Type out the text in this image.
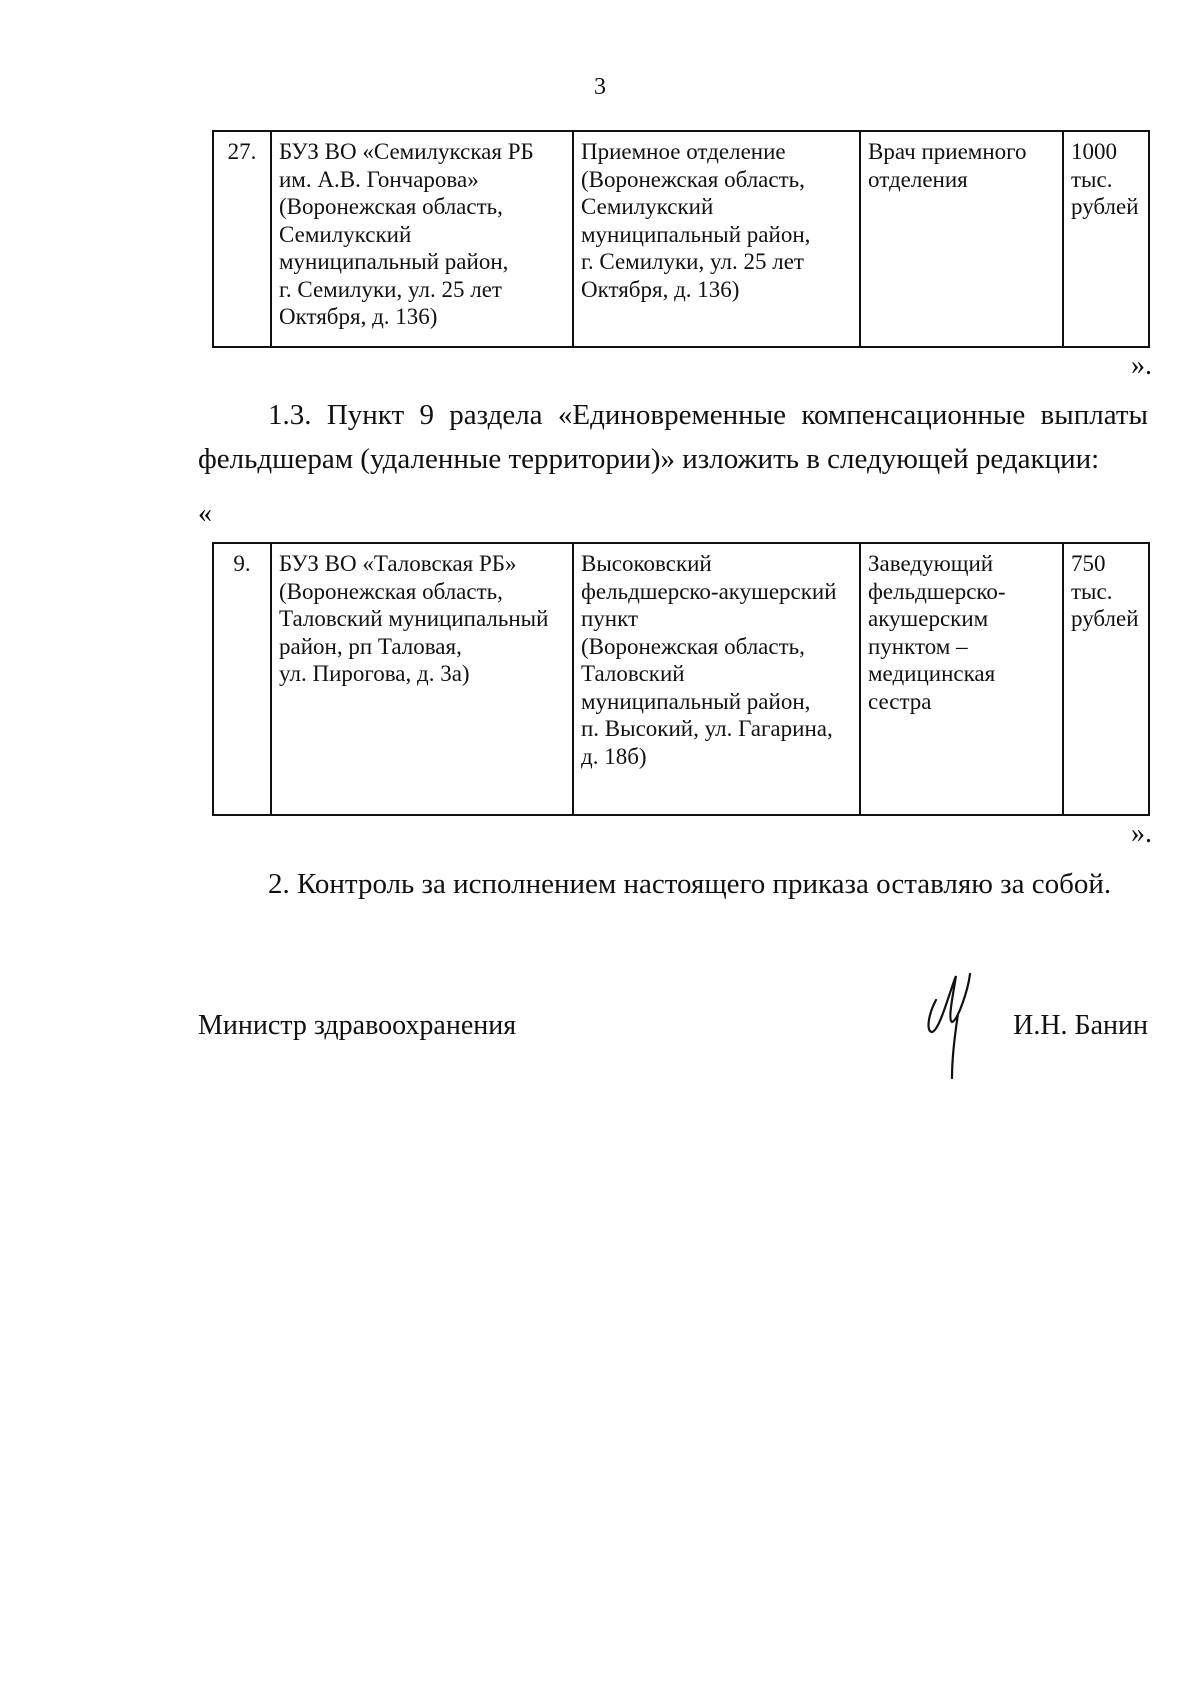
3
27.	БУЗ ВО «Семилукская РБ
им. А.В. Гончарова»
(Воронежская область,
Семилукский
муниципальный район,
г. Семилуки, ул. 25 лет
Октября, д. 136)	Приемное отделение
(Воронежская область,
Семилукский
муниципальный район,
г. Семилуки, ул. 25 лет
Октября, д. 136)	Врач приемного
отделения	1000
тыс.
рублей
».
1.3. Пункт 9 раздела «Единовременные компенсационные выплаты фельдшерам (удаленные территории)» изложить в следующей редакции:
«
9.	БУЗ ВО «Таловская РБ»
(Воронежская область,
Таловский муниципальный
район, рп Таловая,
ул. Пирогова, д. 3а)	Высоковский
фельдшерско-акушерский
пункт
(Воронежская область,
Таловский
муниципальный район,
п. Высокий, ул. Гагарина,
д. 18б)	Заведующий
фельдшерско-
акушерским
пунктом –
медицинская
сестра	750
тыс.
рублей
».
2. Контроль за исполнением настоящего приказа оставляю за собой.
Министр здравоохранения	И.Н. Банин
